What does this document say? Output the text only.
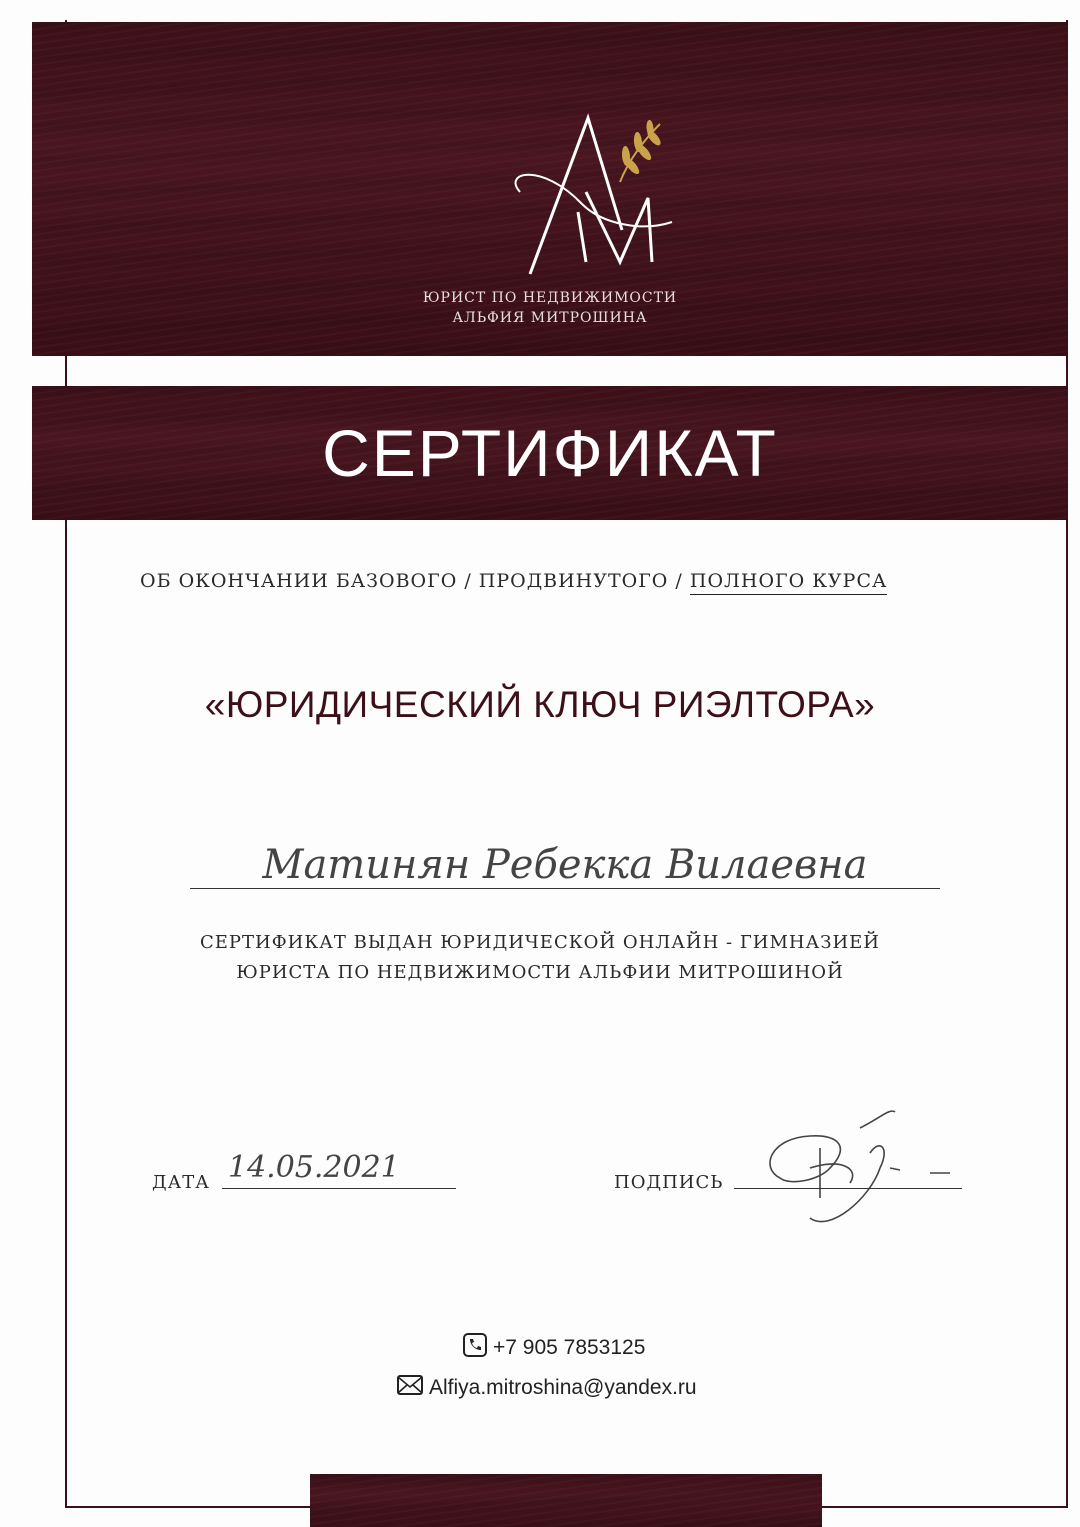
ЮРИСТ ПО НЕДВИЖИМОСТИ
АЛЬФИЯ МИТРОШИНА
СЕРТИФИКАТ
ОБ ОКОНЧАНИИ БАЗОВОГО / ПРОДВИНУТОГО / ПОЛНОГО КУРСА
«ЮРИДИЧЕСКИЙ КЛЮЧ РИЭЛТОРА»
Матинян Ребекка Вилаевна
СЕРТИФИКАТ ВЫДАН ЮРИДИЧЕСКОЙ ОНЛАЙН - ГИМНАЗИЕЙ
ЮРИСТА ПО НЕДВИЖИМОСТИ АЛЬФИИ МИТРОШИНОЙ
ДАТА 14.05.2021	ПОДПИСЬ
+7 905 7853125
Alfiya.mitroshina@yandex.ru
